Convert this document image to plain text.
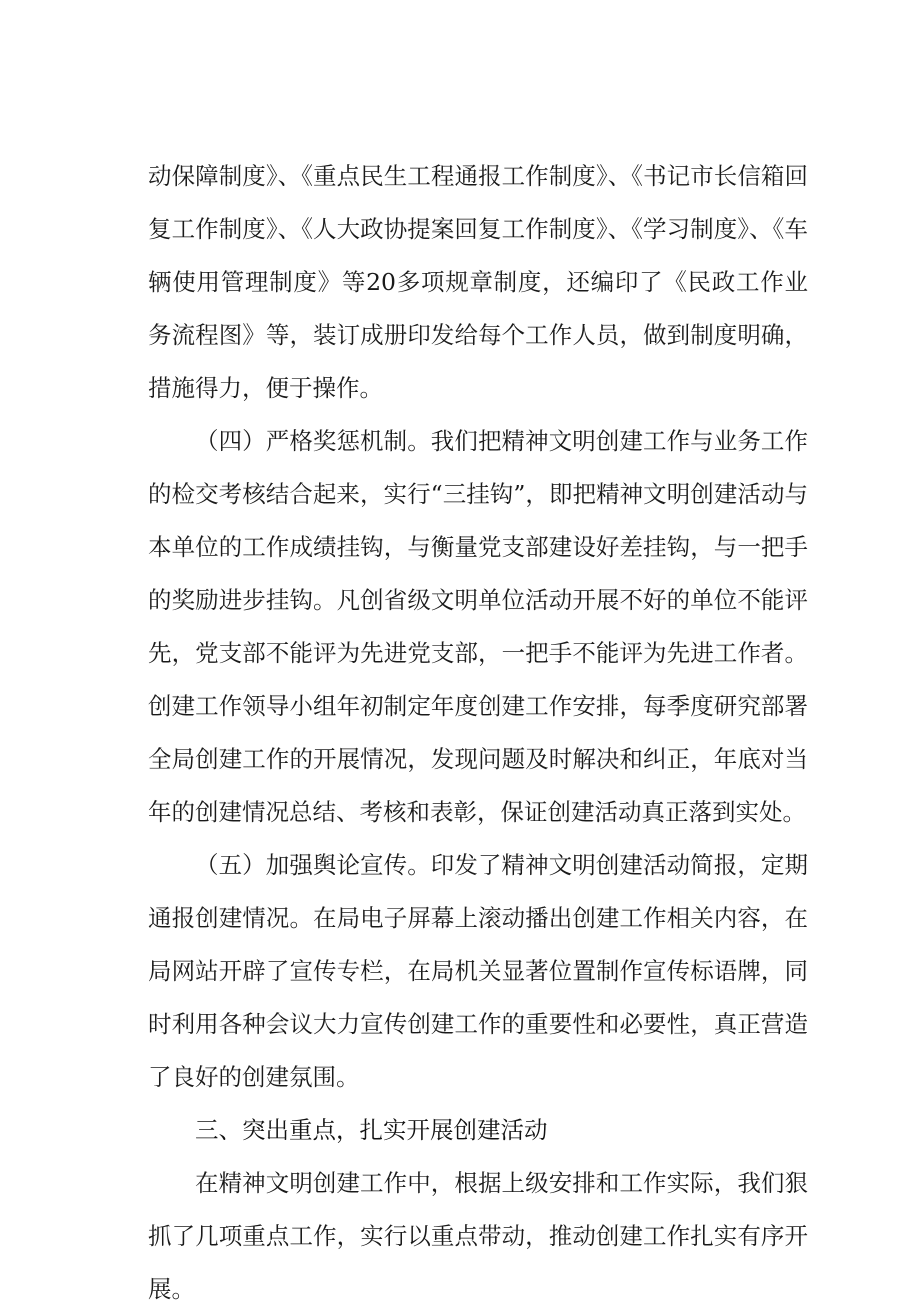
动保障制度》、《重点民生工程通报工作制度》、《书记市长信箱回复工作制度》、《人大政协提案回复工作制度》、《学习制度》、《车辆使用管理制度》等20多项规章制度，还编印了《民政工作业务流程图》等，装订成册印发给每个工作人员，做到制度明确，措施得力，便于操作。

（四）严格奖惩机制。我们把精神文明创建工作与业务工作的检交考核结合起来，实行“三挂钩”，即把精神文明创建活动与本单位的工作成绩挂钩，与衡量党支部建设好差挂钩，与一把手的奖励进步挂钩。凡创省级文明单位活动开展不好的单位不能评先，党支部不能评为先进党支部，一把手不能评为先进工作者。创建工作领导小组年初制定年度创建工作安排，每季度研究部署全局创建工作的开展情况，发现问题及时解决和纠正，年底对当年的创建情况总结、考核和表彰，保证创建活动真正落到实处。

（五）加强舆论宣传。印发了精神文明创建活动简报，定期通报创建情况。在局电子屏幕上滚动播出创建工作相关内容，在局网站开辟了宣传专栏，在局机关显著位置制作宣传标语牌，同时利用各种会议大力宣传创建工作的重要性和必要性，真正营造了良好的创建氛围。

三、突出重点，扎实开展创建活动

在精神文明创建工作中，根据上级安排和工作实际，我们狠抓了几项重点工作，实行以重点带动，推动创建工作扎实有序开展。
